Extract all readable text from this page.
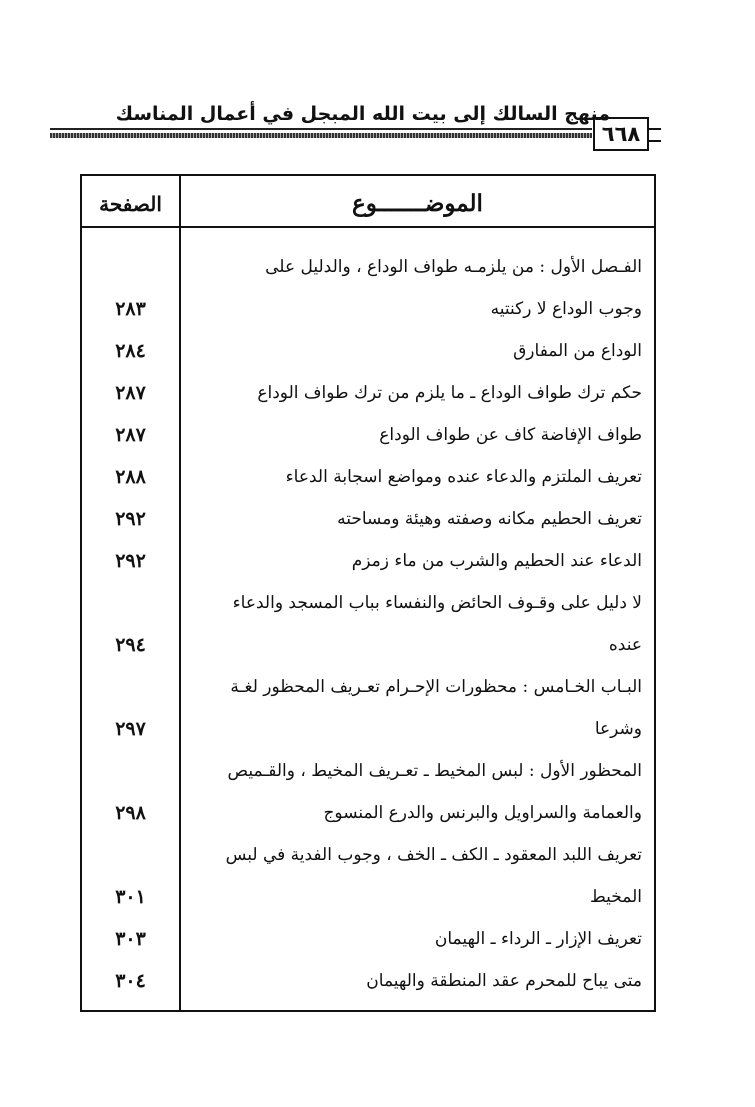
منهج السالك إلى بيت الله المبجل في أعمال المناسك
٦٦٨
الموضـــــــوع
الصفحة
الفـصل الأول : من يلزمـه طواف الوداع ، والدليل على
وجوب الوداع لا ركنتيه
٢٨٣
الوداع من المفارق
٢٨٤
حكم ترك طواف الوداع ـ ما يلزم من ترك طواف الوداع
٢٨٧
طواف الإفاضة كاف عن طواف الوداع
٢٨٧
تعريف الملتزم والدعاء عنده ومواضع اسجابة الدعاء
٢٨٨
تعريف الحطيم مكانه وصفته وهيئة ومساحته
٢٩٢
الدعاء عند الحطيم والشرب من ماء زمزم
٢٩٢
لا دليل على وقـوف الحائض والنفساء بباب المسجد والدعاء
عنده
٢٩٤
البـاب الخـامس : محظورات الإحـرام تعـريف المحظور لغـة
وشرعا
٢٩٧
المحظور الأول : لبس المخيط ـ تعـريف المخيط ، والقـميص
والعمامة والسراويل والبرنس والدرع المنسوج
٢٩٨
تعريف اللبد المعقود ـ الكف ـ الخف ، وجوب الفدية في لبس
المخيط
٣٠١
تعريف الإزار ـ الرداء ـ الهيمان
٣٠٣
متى يباح للمحرم عقد المنطقة والهيمان
٣٠٤
